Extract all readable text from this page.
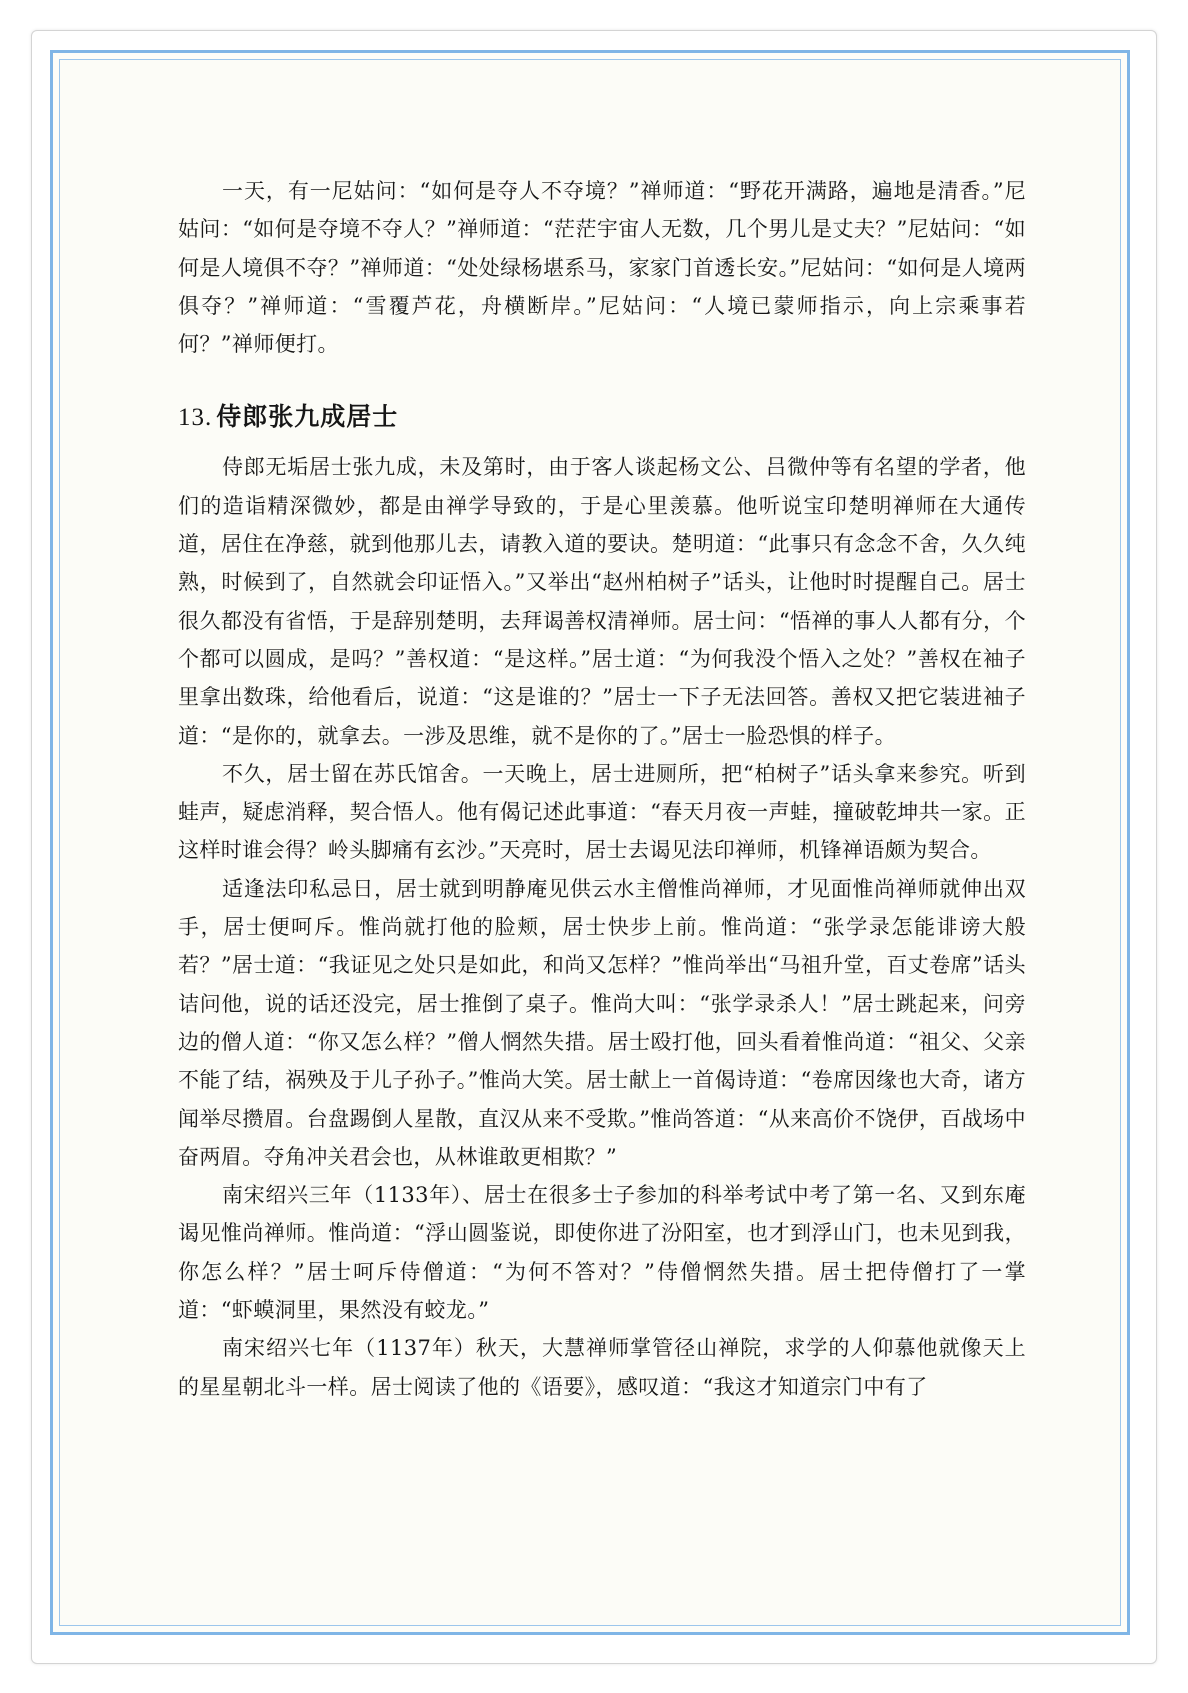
一天，有一尼姑问：“如何是夺人不夺境？”禅师道：“野花开满路，遍地是清香。”尼姑问：“如何是夺境不夺人？”禅师道：“茫茫宇宙人无数，几个男儿是丈夫？”尼姑问：“如何是人境俱不夺？”禅师道：“处处绿杨堪系马，家家门首透长安。”尼姑问：“如何是人境两俱夺？”禅师道：“雪覆芦花，舟横断岸。”尼姑问：“人境已蒙师指示，向上宗乘事若何？”禅师便打。

13. 侍郎张九成居士

侍郎无垢居士张九成，未及第时，由于客人谈起杨文公、吕微仲等有名望的学者，他们的造诣精深微妙，都是由禅学导致的，于是心里羡慕。他听说宝印楚明禅师在大通传道，居住在净慈，就到他那儿去，请教入道的要诀。楚明道：“此事只有念念不舍，久久纯熟，时候到了，自然就会印证悟入。”又举出“赵州柏树子”话头，让他时时提醒自己。居士很久都没有省悟，于是辞别楚明，去拜谒善权清禅师。居士问：“悟禅的事人人都有分，个个都可以圆成，是吗？”善权道：“是这样。”居士道：“为何我没个悟入之处？”善权在袖子里拿出数珠，给他看后，说道：“这是谁的？”居士一下子无法回答。善权又把它装进袖子道：“是你的，就拿去。一涉及思维，就不是你的了。”居士一脸恐惧的样子。

不久，居士留在苏氏馆舍。一天晚上，居士进厕所，把“柏树子”话头拿来参究。听到蛙声，疑虑消释，契合悟人。他有偈记述此事道：“春天月夜一声蛙，撞破乾坤共一家。正这样时谁会得？岭头脚痛有玄沙。”天亮时，居士去谒见法印禅师，机锋禅语颇为契合。

适逢法印私忌日，居士就到明静庵见供云水主僧惟尚禅师，才见面惟尚禅师就伸出双手，居士便呵斥。惟尚就打他的脸颊，居士快步上前。惟尚道：“张学录怎能诽谤大般若？”居士道：“我证见之处只是如此，和尚又怎样？”惟尚举出“马祖升堂，百丈卷席”话头诘问他，说的话还没完，居士推倒了桌子。惟尚大叫：“张学录杀人！”居士跳起来，问旁边的僧人道：“你又怎么样？”僧人惘然失措。居士殴打他，回头看着惟尚道：“祖父、父亲不能了结，祸殃及于儿子孙子。”惟尚大笑。居士献上一首偈诗道：“卷席因缘也大奇，诸方闻举尽攒眉。台盘踢倒人星散，直汉从来不受欺。”惟尚答道：“从来高价不饶伊，百战场中奋两眉。夺角冲关君会也，从林谁敢更相欺？”

南宋绍兴三年（1133年）、居士在很多士子参加的科举考试中考了第一名、又到东庵谒见惟尚禅师。惟尚道：“浮山圆鉴说，即使你进了汾阳室，也才到浮山门，也未见到我，你怎么样？”居士呵斥侍僧道：“为何不答对？”侍僧惘然失措。居士把侍僧打了一掌道：“虾蟆洞里，果然没有蛟龙。”

南宋绍兴七年（1137年）秋天，大慧禅师掌管径山禅院，求学的人仰慕他就像天上的星星朝北斗一样。居士阅读了他的《语要》，感叹道：“我这才知道宗门中有了
